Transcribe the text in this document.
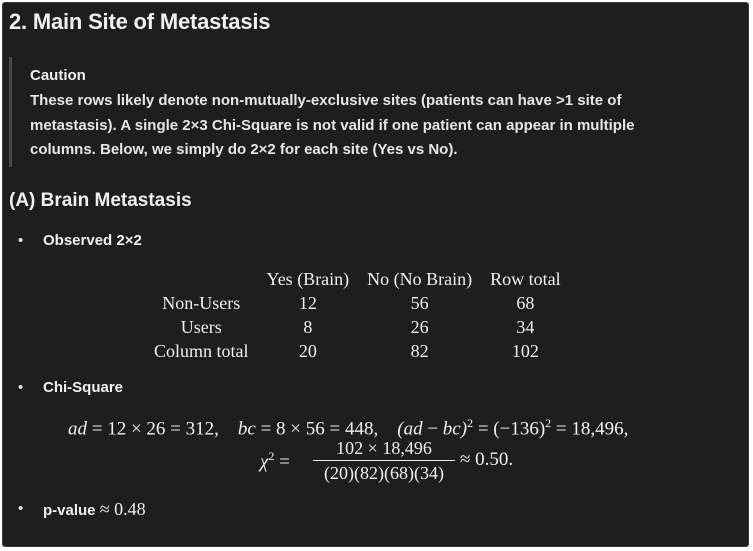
2. Main Site of Metastasis
Caution
These rows likely denote non-mutually-exclusive sites (patients can have >1 site of
metastasis). A single 2×3 Chi-Square is not valid if one patient can appear in multiple
columns. Below, we simply do 2×2 for each site (Yes vs No).
(A) Brain Metastasis
• Observed 2×2
	Yes (Brain)	No (No Brain)	Row total
Non-Users	12	56	68
Users	8	26	34
Column total	20	82	102
• Chi-Square
ad = 12 × 26 = 312, bc = 8 × 56 = 448, $(ad - bc)^2 = (-136)^2 = 18,496$,
$\chi^2$ =
102 × 18,496
(20)(82)(68)(34)
≈ 0.50.
• p-value ≈ 0.48
